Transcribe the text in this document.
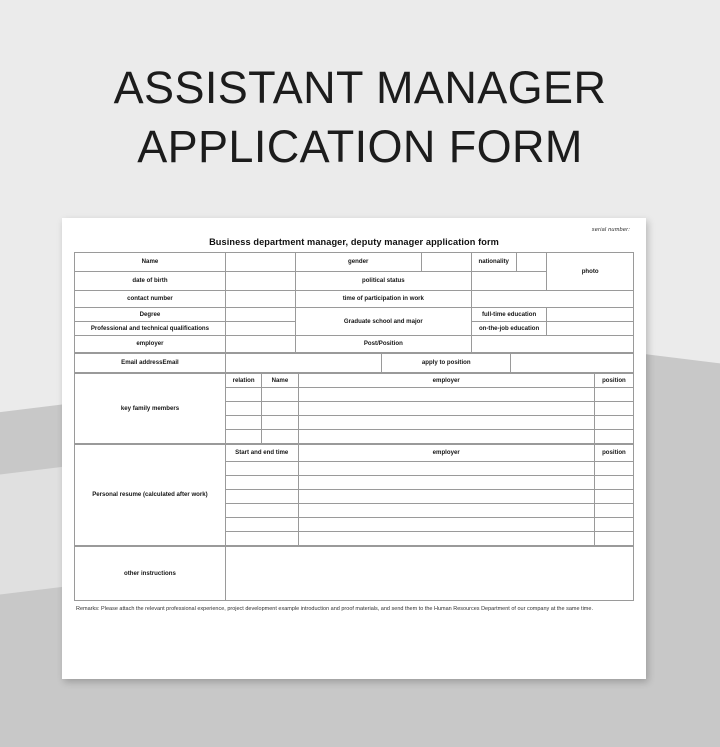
ASSISTANT MANAGER
APPLICATION FORM
serial number:
Business department manager, deputy manager application form
Name		gender		nationality		photo
date of birth		political status				
contact number		time of participation in work				
Degree		Graduate school and major		full-time education		
Professional and technical qualifications				on-the-job education		
employer		Post/Position				
Email addressEmail		apply to position	
key family members	relation	Name	employer	position

Personal resume (calculated after work)	Start and end time	employer	position

other instructions	
Remarks: Please attach the relevant professional experience, project development example introduction and proof materials, and send them to the Human Resources Department of our company at the same time.
